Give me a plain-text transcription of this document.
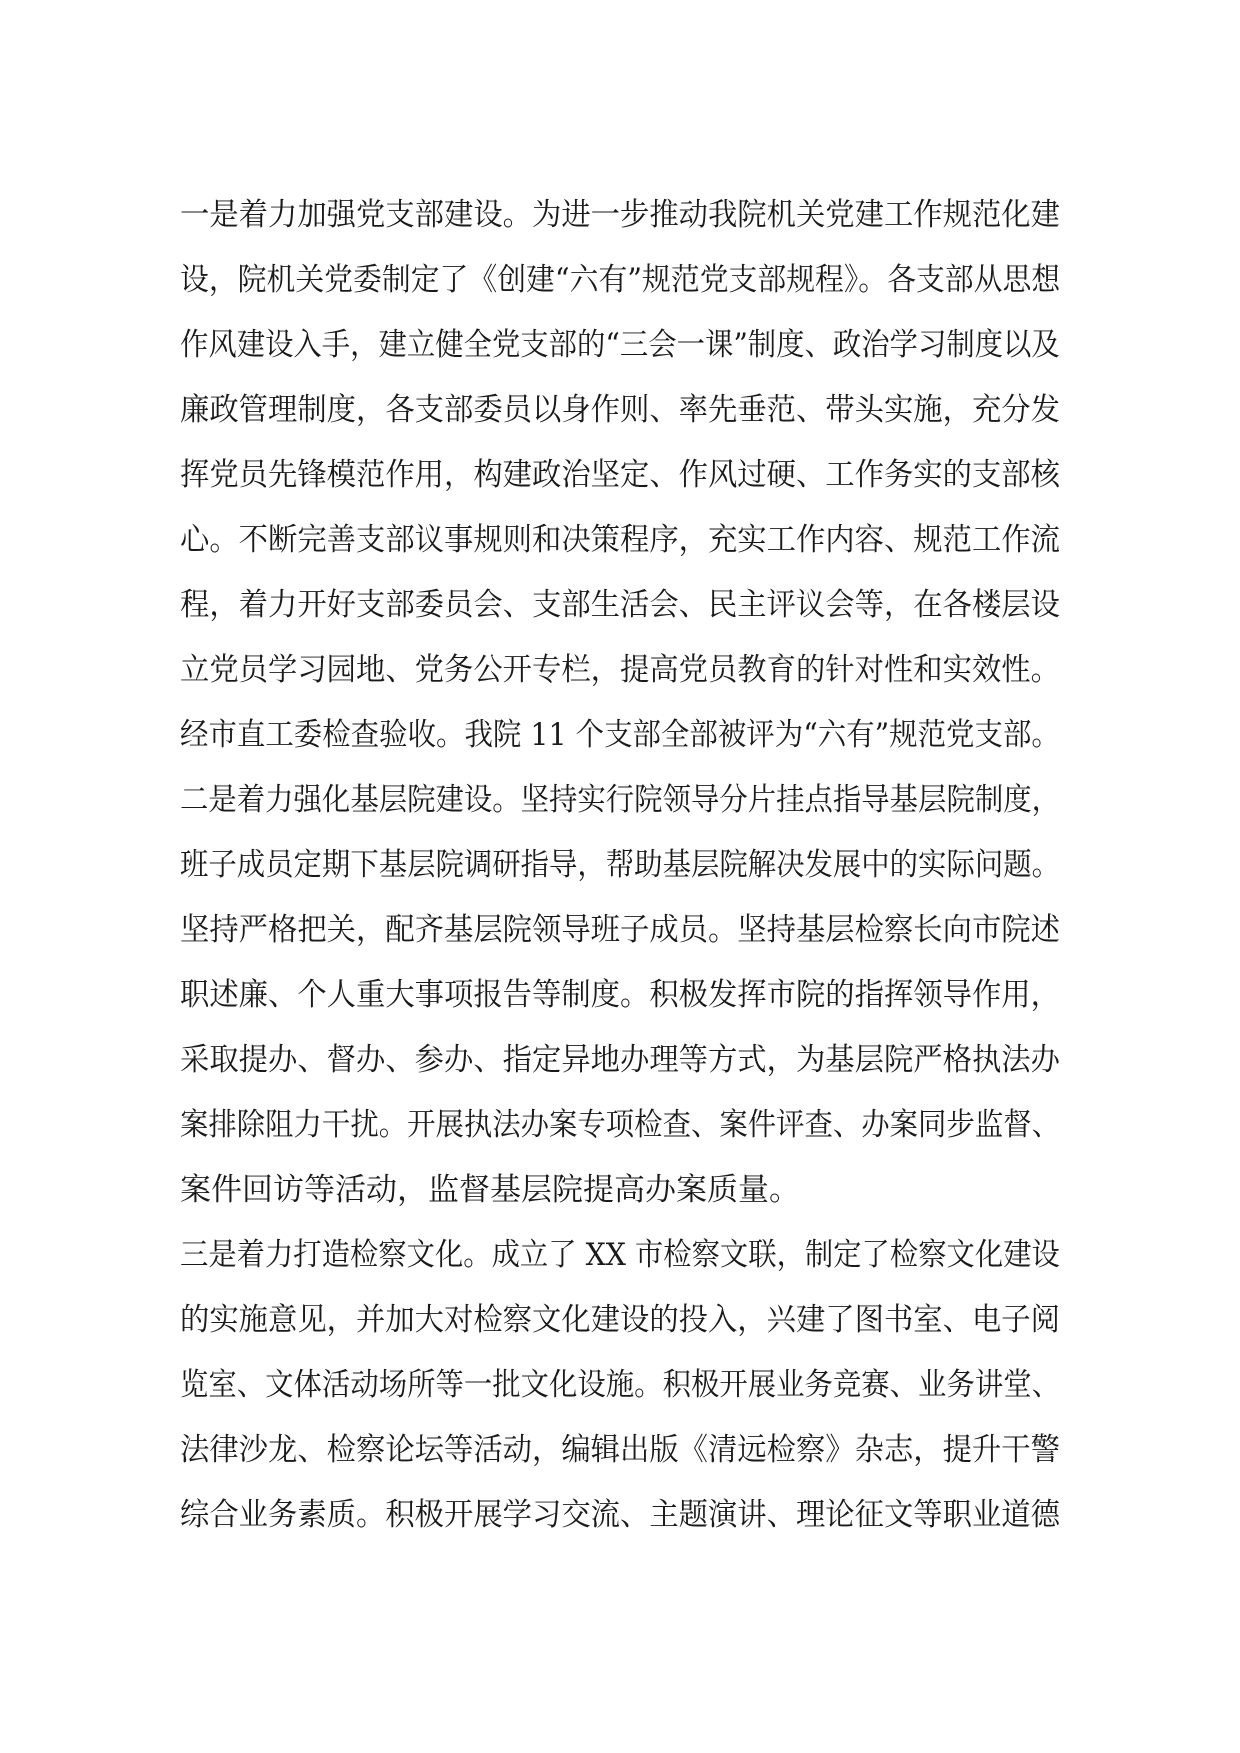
一是着力加强党支部建设。为进一步推动我院机关党建工作规范化建
设，院机关党委制定了《创建“六有”规范党支部规程》。各支部从思想
作风建设入手，建立健全党支部的“三会一课”制度、政治学习制度以及
廉政管理制度，各支部委员以身作则、率先垂范、带头实施，充分发
挥党员先锋模范作用，构建政治坚定、作风过硬、工作务实的支部核
心。不断完善支部议事规则和决策程序，充实工作内容、规范工作流
程，着力开好支部委员会、支部生活会、民主评议会等，在各楼层设
立党员学习园地、党务公开专栏，提高党员教育的针对性和实效性。
经市直工委检查验收。我院 11 个支部全部被评为“六有”规范党支部。
二是着力强化基层院建设。坚持实行院领导分片挂点指导基层院制度，
班子成员定期下基层院调研指导，帮助基层院解决发展中的实际问题。
坚持严格把关，配齐基层院领导班子成员。坚持基层检察长向市院述
职述廉、个人重大事项报告等制度。积极发挥市院的指挥领导作用，
采取提办、督办、参办、指定异地办理等方式，为基层院严格执法办
案排除阻力干扰。开展执法办案专项检查、案件评查、办案同步监督、
案件回访等活动，监督基层院提高办案质量。
三是着力打造检察文化。成立了 XX 市检察文联，制定了检察文化建设
的实施意见，并加大对检察文化建设的投入，兴建了图书室、电子阅
览室、文体活动场所等一批文化设施。积极开展业务竞赛、业务讲堂、
法律沙龙、检察论坛等活动，编辑出版《清远检察》杂志，提升干警
综合业务素质。积极开展学习交流、主题演讲、理论征文等职业道德
